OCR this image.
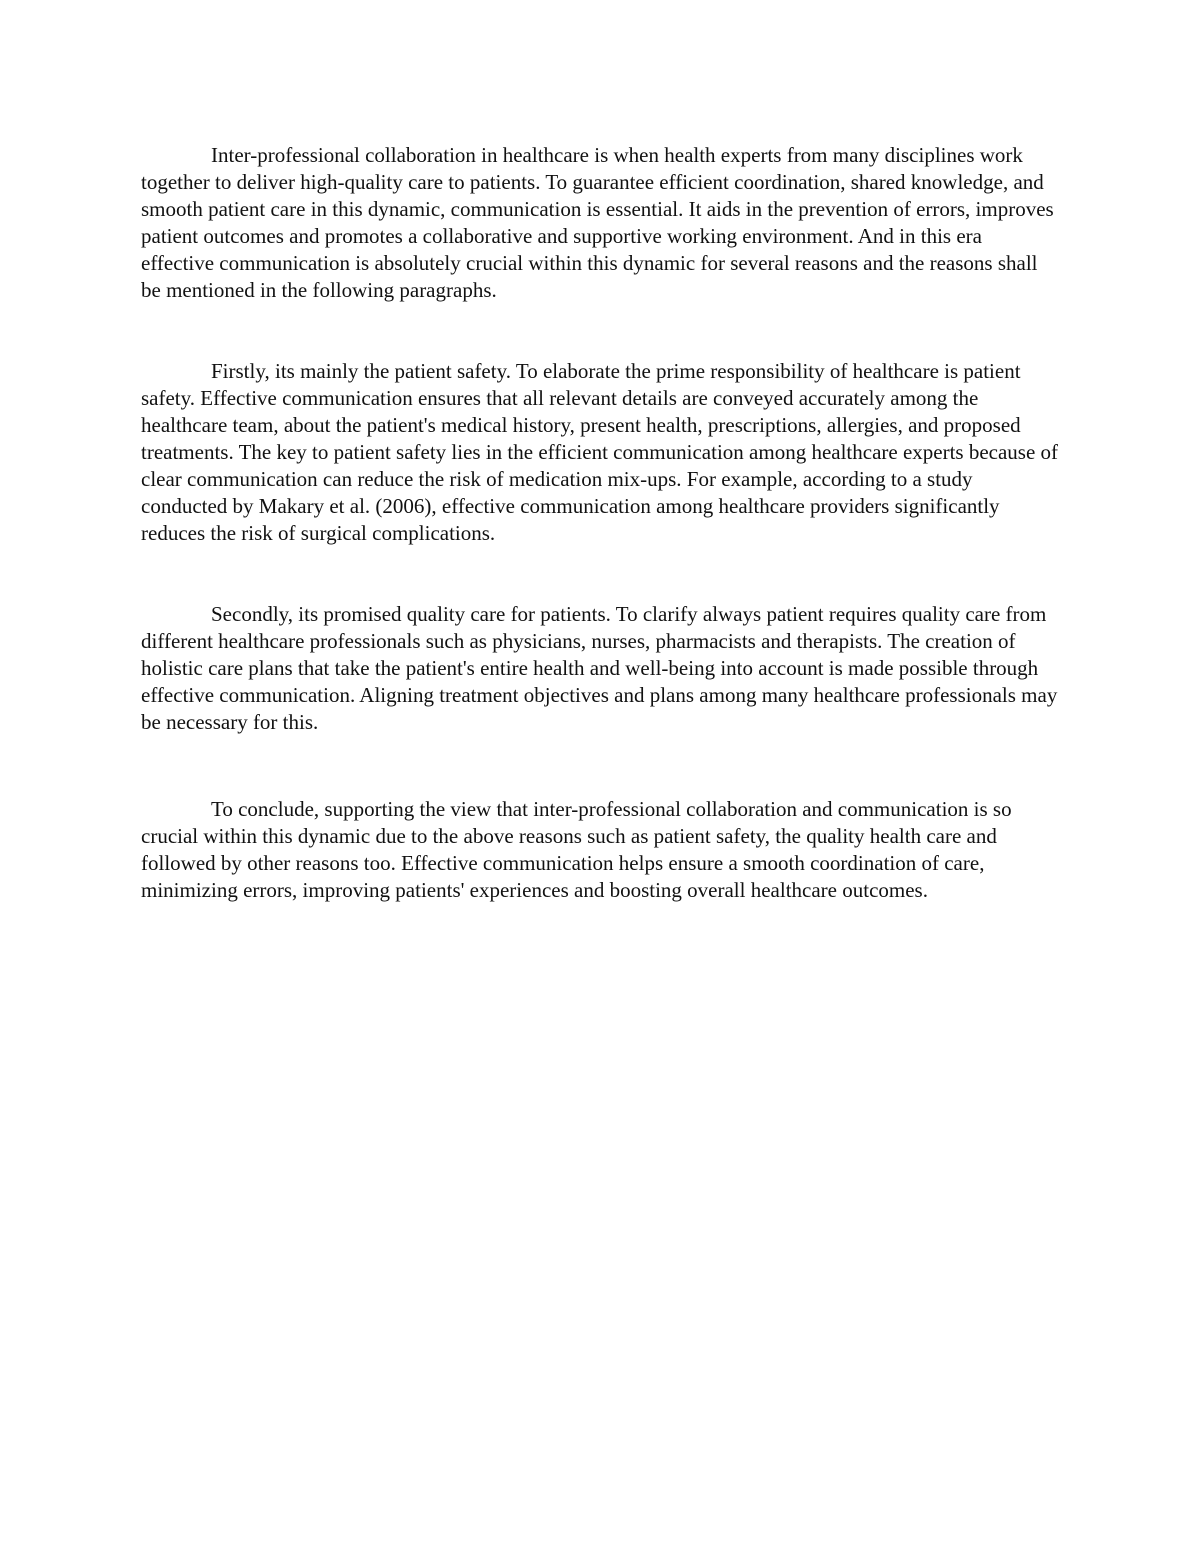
Inter-professional collaboration in healthcare is when health experts from many disciplines work together to deliver high-quality care to patients. To guarantee efficient coordination, shared knowledge, and smooth patient care in this dynamic, communication is essential. It aids in the prevention of errors, improves patient outcomes and promotes a collaborative and supportive working environment. And in this era effective communication is absolutely crucial within this dynamic for several reasons and the reasons shall be mentioned in the following paragraphs.

Firstly, its mainly the patient safety. To elaborate the prime responsibility of healthcare is patient safety. Effective communication ensures that all relevant details are conveyed accurately among the healthcare team, about the patient's medical history, present health, prescriptions, allergies, and proposed treatments. The key to patient safety lies in the efficient communication among healthcare experts because of clear communication can reduce the risk of medication mix-ups. For example, according to a study conducted by Makary et al. (2006), effective communication among healthcare providers significantly reduces the risk of surgical complications.

Secondly, its promised quality care for patients. To clarify always patient requires quality care from different healthcare professionals such as physicians, nurses, pharmacists and therapists. The creation of holistic care plans that take the patient's entire health and well-being into account is made possible through effective communication. Aligning treatment objectives and plans among many healthcare professionals may be necessary for this.

To conclude, supporting the view that inter-professional collaboration and communication is so crucial within this dynamic due to the above reasons such as patient safety, the quality health care and followed by other reasons too. Effective communication helps ensure a smooth coordination of care, minimizing errors, improving patients' experiences and boosting overall healthcare outcomes.
